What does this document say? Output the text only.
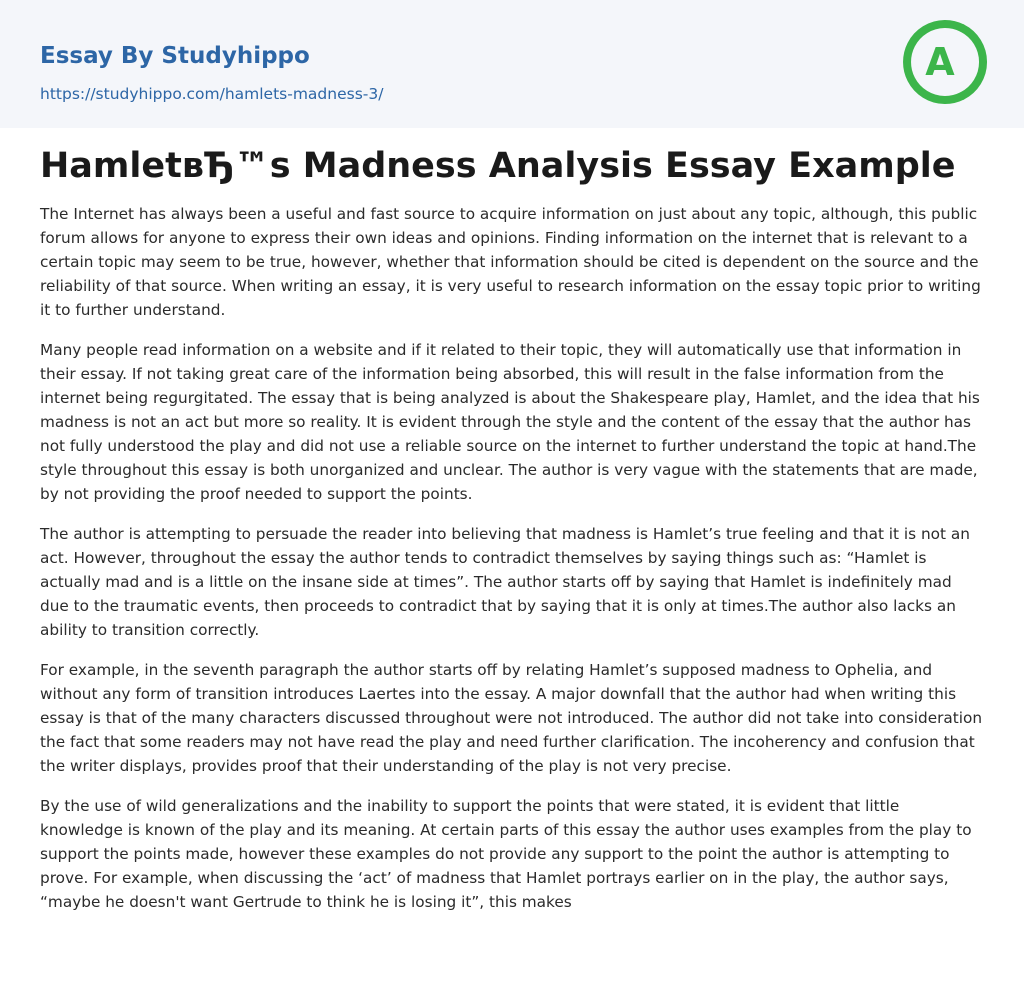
Essay By Studyhippo
https://studyhippo.com/hamlets-madness-3/
A
HamletвЂ™s Madness Analysis Essay Example

The Internet has always been a useful and fast source to acquire information on just about any topic, although, this public forum allows for anyone to express their own ideas and opinions. Finding information on the internet that is relevant to a certain topic may seem to be true, however, whether that information should be cited is dependent on the source and the reliability of that source. When writing an essay, it is very useful to research information on the essay topic prior to writing it to further understand.

Many people read information on a website and if it related to their topic, they will automatically use that information in their essay. If not taking great care of the information being absorbed, this will result in the false information from the internet being regurgitated. The essay that is being analyzed is about the Shakespeare play, Hamlet, and the idea that his madness is not an act but more so reality. It is evident through the style and the content of the essay that the author has not fully understood the play and did not use a reliable source on the internet to further understand the topic at hand.The style throughout this essay is both unorganized and unclear. The author is very vague with the statements that are made, by not providing the proof needed to support the points.

The author is attempting to persuade the reader into believing that madness is Hamlet’s true feeling and that it is not an act. However, throughout the essay the author tends to contradict themselves by saying things such as: “Hamlet is actually mad and is a little on the insane side at times”. The author starts off by saying that Hamlet is indefinitely mad due to the traumatic events, then proceeds to contradict that by saying that it is only at times.The author also lacks an ability to transition correctly.

For example, in the seventh paragraph the author starts off by relating Hamlet’s supposed madness to Ophelia, and without any form of transition introduces Laertes into the essay. A major downfall that the author had when writing this essay is that of the many characters discussed throughout were not introduced. The author did not take into consideration the fact that some readers may not have read the play and need further clarification. The incoherency and confusion that the writer displays, provides proof that their understanding of the play is not very precise.

By the use of wild generalizations and the inability to support the points that were stated, it is evident that little knowledge is known of the play and its meaning. At certain parts of this essay the author uses examples from the play to support the points made, however these examples do not provide any support to the point the author is attempting to prove. For example, when discussing the ‘act’ of madness that Hamlet portrays earlier on in the play, the author says, “maybe he doesn't want Gertrude to think he is losing it”, this makes
